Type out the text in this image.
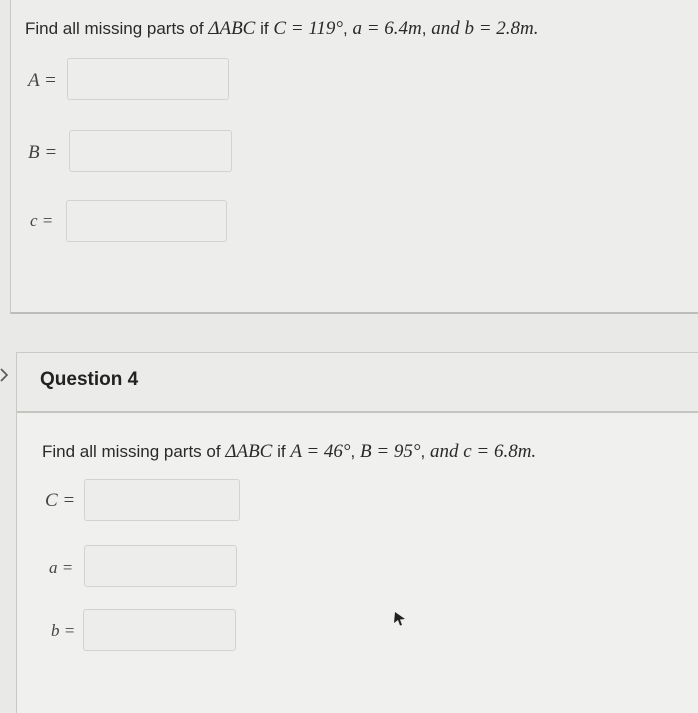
Find all missing parts of ΔABC if C = 119°, a = 6.4m, and b = 2.8m.
A =
B =
c =
Question 4
Find all missing parts of ΔABC if A = 46°, B = 95°, and c = 6.8m.
C =
a =
b =
